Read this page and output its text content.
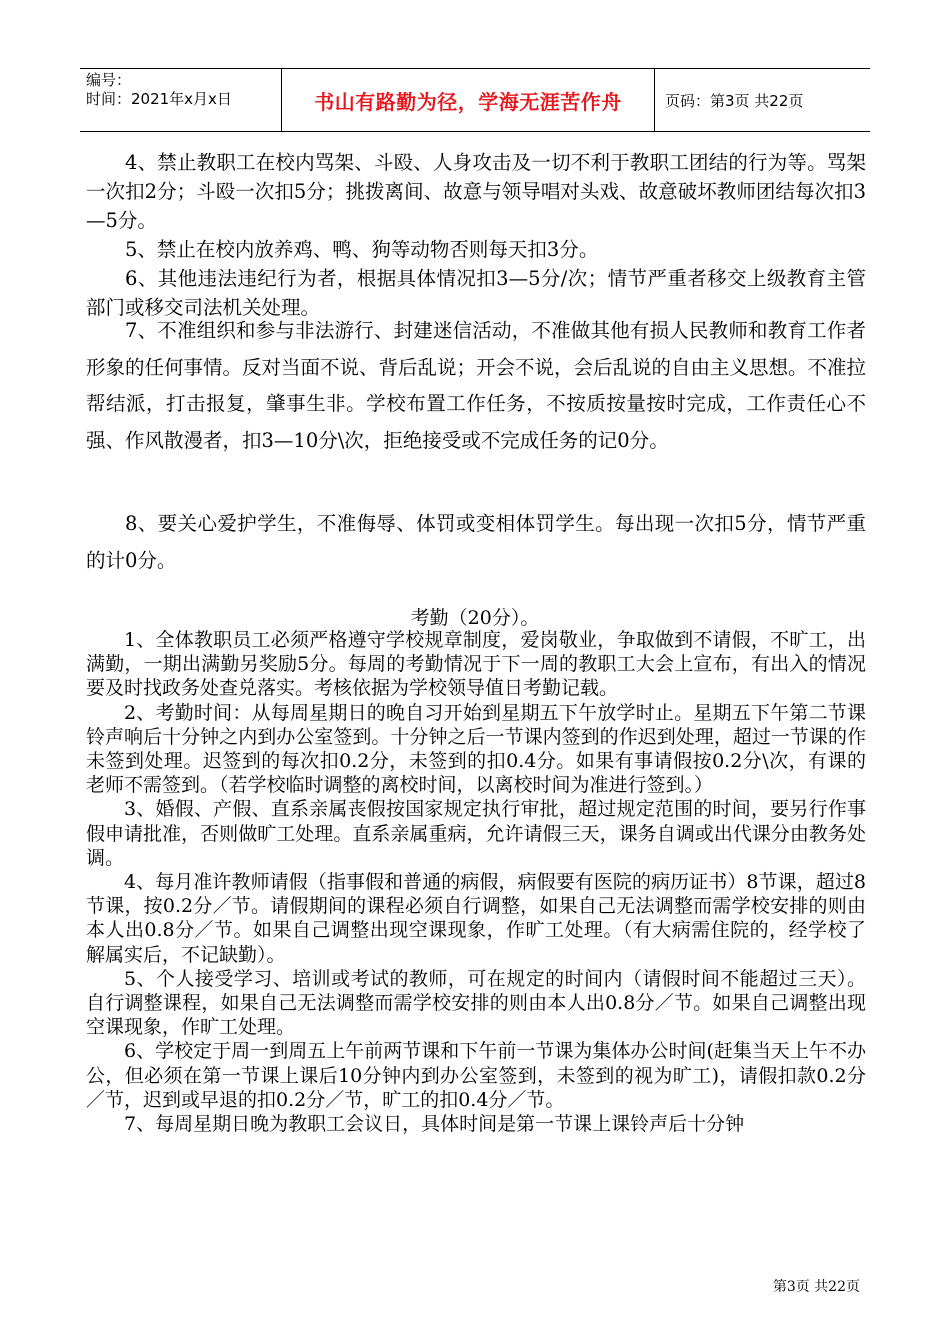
编号：
时间：2021年x月x日	书山有路勤为径，学海无涯苦作舟	页码：第3页 共22页

4、禁止教职工在校内骂架、斗殴、人身攻击及一切不利于教职工团结的行为等。骂架一次扣2分；斗殴一次扣5分；挑拨离间、故意与领导唱对头戏、故意破坏教师团结每次扣3—5分。

5、禁止在校内放养鸡、鸭、狗等动物否则每天扣3分。

6、其他违法违纪行为者，根据具体情况扣3—5分/次；情节严重者移交上级教育主管部门或移交司法机关处理。

7、不准组织和参与非法游行、封建迷信活动，不准做其他有损人民教师和教育工作者形象的任何事情。反对当面不说、背后乱说；开会不说，会后乱说的自由主义思想。不准拉帮结派，打击报复，肇事生非。学校布置工作任务，不按质按量按时完成，工作责任心不强、作风散漫者，扣3—10分\次，拒绝接受或不完成任务的记0分。

8、要关心爱护学生，不准侮辱、体罚或变相体罚学生。每出现一次扣5分，情节严重的计0分。

考勤（20分）。

1、全体教职员工必须严格遵守学校规章制度，爱岗敬业，争取做到不请假，不旷工，出满勤，一期出满勤另奖励5分。每周的考勤情况于下一周的教职工大会上宣布，有出入的情况要及时找政务处查兑落实。考核依据为学校领导值日考勤记载。

2、考勤时间：从每周星期日的晚自习开始到星期五下午放学时止。星期五下午第二节课铃声响后十分钟之内到办公室签到。十分钟之后一节课内签到的作迟到处理，超过一节课的作未签到处理。迟签到的每次扣0.2分，未签到的扣0.4分。如果有事请假按0.2分\次，有课的老师不需签到。（若学校临时调整的离校时间，以离校时间为准进行签到。）

3、婚假、产假、直系亲属丧假按国家规定执行审批，超过规定范围的时间，要另行作事假申请批准，否则做旷工处理。直系亲属重病，允许请假三天，课务自调或出代课分由教务处调。

4、每月准许教师请假（指事假和普通的病假，病假要有医院的病历证书）8节课，超过8节课，按0.2分／节。请假期间的课程必须自行调整，如果自己无法调整而需学校安排的则由本人出0.8分／节。如果自己调整出现空课现象，作旷工处理。（有大病需住院的，经学校了解属实后，不记缺勤）。

5、个人接受学习、培训或考试的教师，可在规定的时间内（请假时间不能超过三天）。自行调整课程，如果自己无法调整而需学校安排的则由本人出0.8分／节。如果自己调整出现空课现象，作旷工处理。

6、学校定于周一到周五上午前两节课和下午前一节课为集体办公时间(赶集当天上午不办公，但必须在第一节课上课后10分钟内到办公室签到，未签到的视为旷工)，请假扣款0.2分／节，迟到或早退的扣0.2分／节，旷工的扣0.4分／节。

7、每周星期日晚为教职工会议日，具体时间是第一节课上课铃声后十分钟

第3页 共22页
